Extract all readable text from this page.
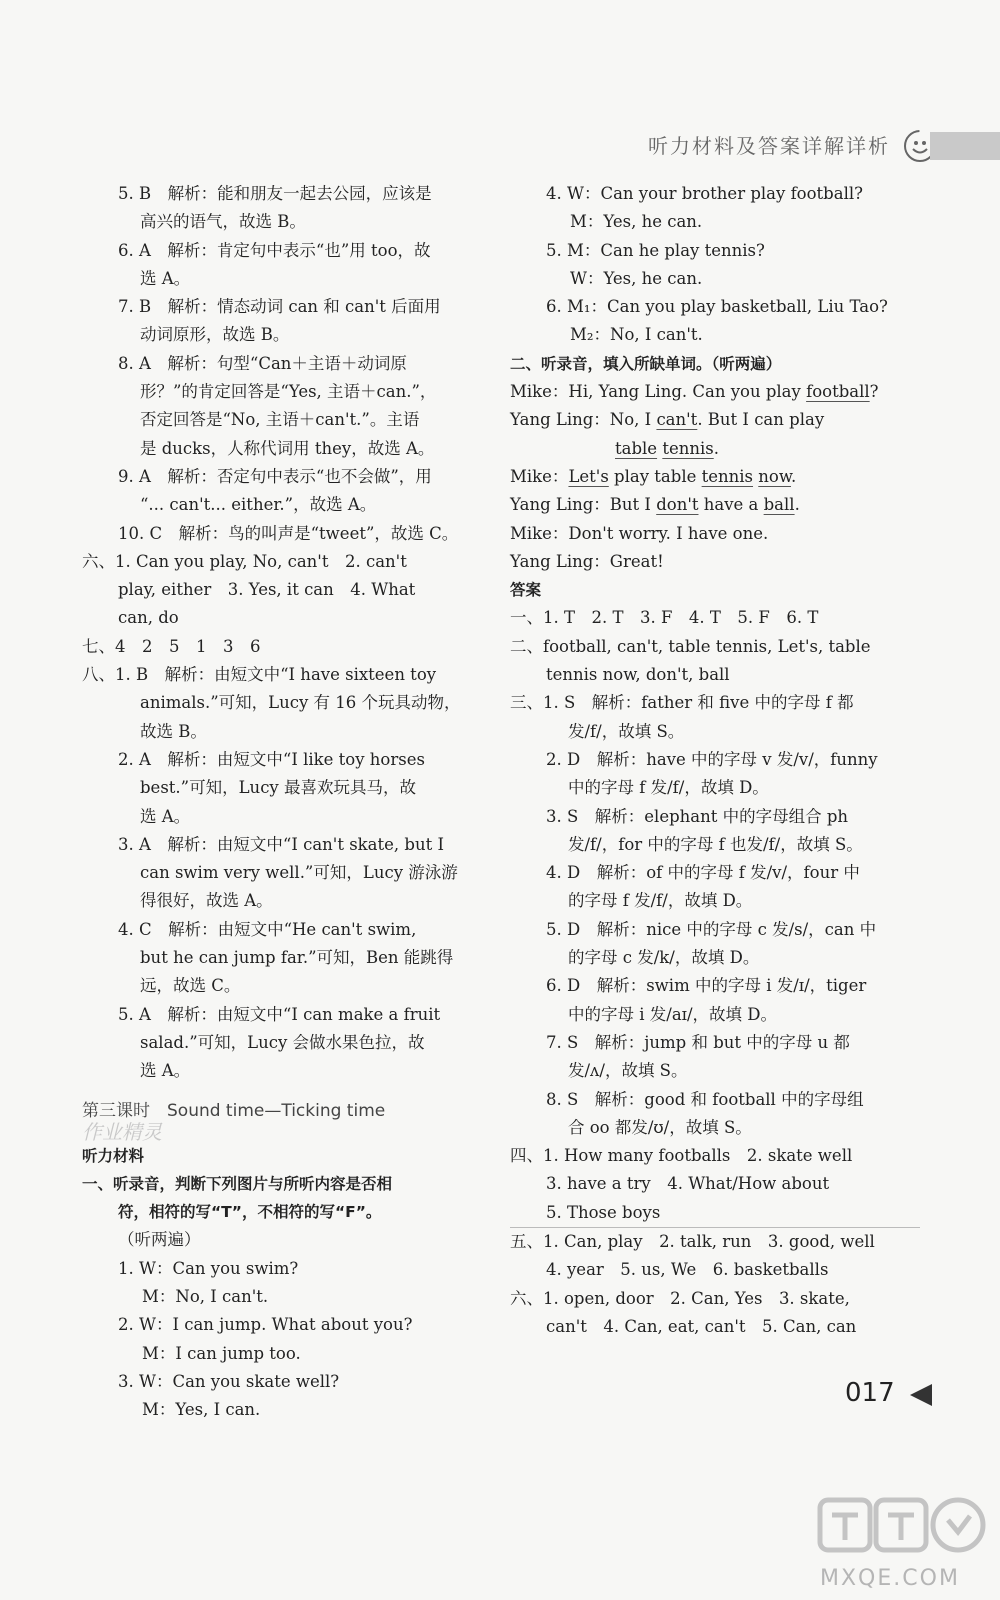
听力材料及答案详解详析
5. B　解析：能和朋友一起去公园，应该是
高兴的语气，故选 B。
6. A　解析：肯定句中表示“也”用 too，故
选 A。
7. B　解析：情态动词 can 和 can't 后面用
动词原形，故选 B。
8. A　解析：句型“Can＋主语＋动词原
形？”的肯定回答是“Yes, 主语＋can.”，
否定回答是“No, 主语＋can't.”。主语
是 ducks，人称代词用 they，故选 A。
9. A　解析：否定句中表示“也不会做”，用
“... can't... either.”，故选 A。
10. C　解析：鸟的叫声是“tweet”，故选 C。
六、1. Can you play, No, can't　2. can't
play, either　3. Yes, it can　4. What
can, do
七、4　2　5　1　3　6
八、1. B　解析：由短文中“I have sixteen toy
animals.”可知，Lucy 有 16 个玩具动物，
故选 B。
2. A　解析：由短文中“I like toy horses
best.”可知，Lucy 最喜欢玩具马，故
选 A。
3. A　解析：由短文中“I can't skate, but I
can swim very well.”可知，Lucy 游泳游
得很好，故选 A。
4. C　解析：由短文中“He can't swim,
but he can jump far.”可知，Ben 能跳得
远，故选 C。
5. A　解析：由短文中“I can make a fruit
salad.”可知，Lucy 会做水果色拉，故
选 A。
第三课时　Sound time—Ticking time
作业精灵
听力材料
一、听录音，判断下列图片与所听内容是否相
符，相符的写“T”，不相符的写“F”。
（听两遍）
1. W：Can you swim?
M：No, I can't.
2. W：I can jump. What about you?
M：I can jump too.
3. W：Can you skate well?
M：Yes, I can.
4. W：Can your brother play football?
M：Yes, he can.
5. M：Can he play tennis?
W：Yes, he can.
6. M₁：Can you play basketball, Liu Tao?
M₂：No, I can't.
二、听录音，填入所缺单词。（听两遍）
Mike：Hi, Yang Ling. Can you play football?
Yang Ling：No, I can't. But I can play
table tennis.
Mike：Let's play table tennis now.
Yang Ling：But I don't have a ball.
Mike：Don't worry. I have one.
Yang Ling：Great!
答案
一、1. T　2. T　3. F　4. T　5. F　6. T
二、football, can't, table tennis, Let's, table
tennis now, don't, ball
三、1. S　解析：father 和 five 中的字母 f 都
发/f/，故填 S。
2. D　解析：have 中的字母 v 发/v/，funny
中的字母 f 发/f/，故填 D。
3. S　解析：elephant 中的字母组合 ph
发/f/，for 中的字母 f 也发/f/，故填 S。
4. D　解析：of 中的字母 f 发/v/，four 中
的字母 f 发/f/，故填 D。
5. D　解析：nice 中的字母 c 发/s/，can 中
的字母 c 发/k/，故填 D。
6. D　解析：swim 中的字母 i 发/ɪ/，tiger
中的字母 i 发/aɪ/，故填 D。
7. S　解析：jump 和 but 中的字母 u 都
发/ʌ/，故填 S。
8. S　解析：good 和 football 中的字母组
合 oo 都发/ʊ/，故填 S。
四、1. How many footballs　2. skate well
3. have a try　4. What/How about
5. Those boys
五、1. Can, play　2. talk, run　3. good, well
4. year　5. us, We　6. basketballs
六、1. open, door　2. Can, Yes　3. skate,
can't　4. Can, eat, can't　5. Can, can
017
MXQE.COM
